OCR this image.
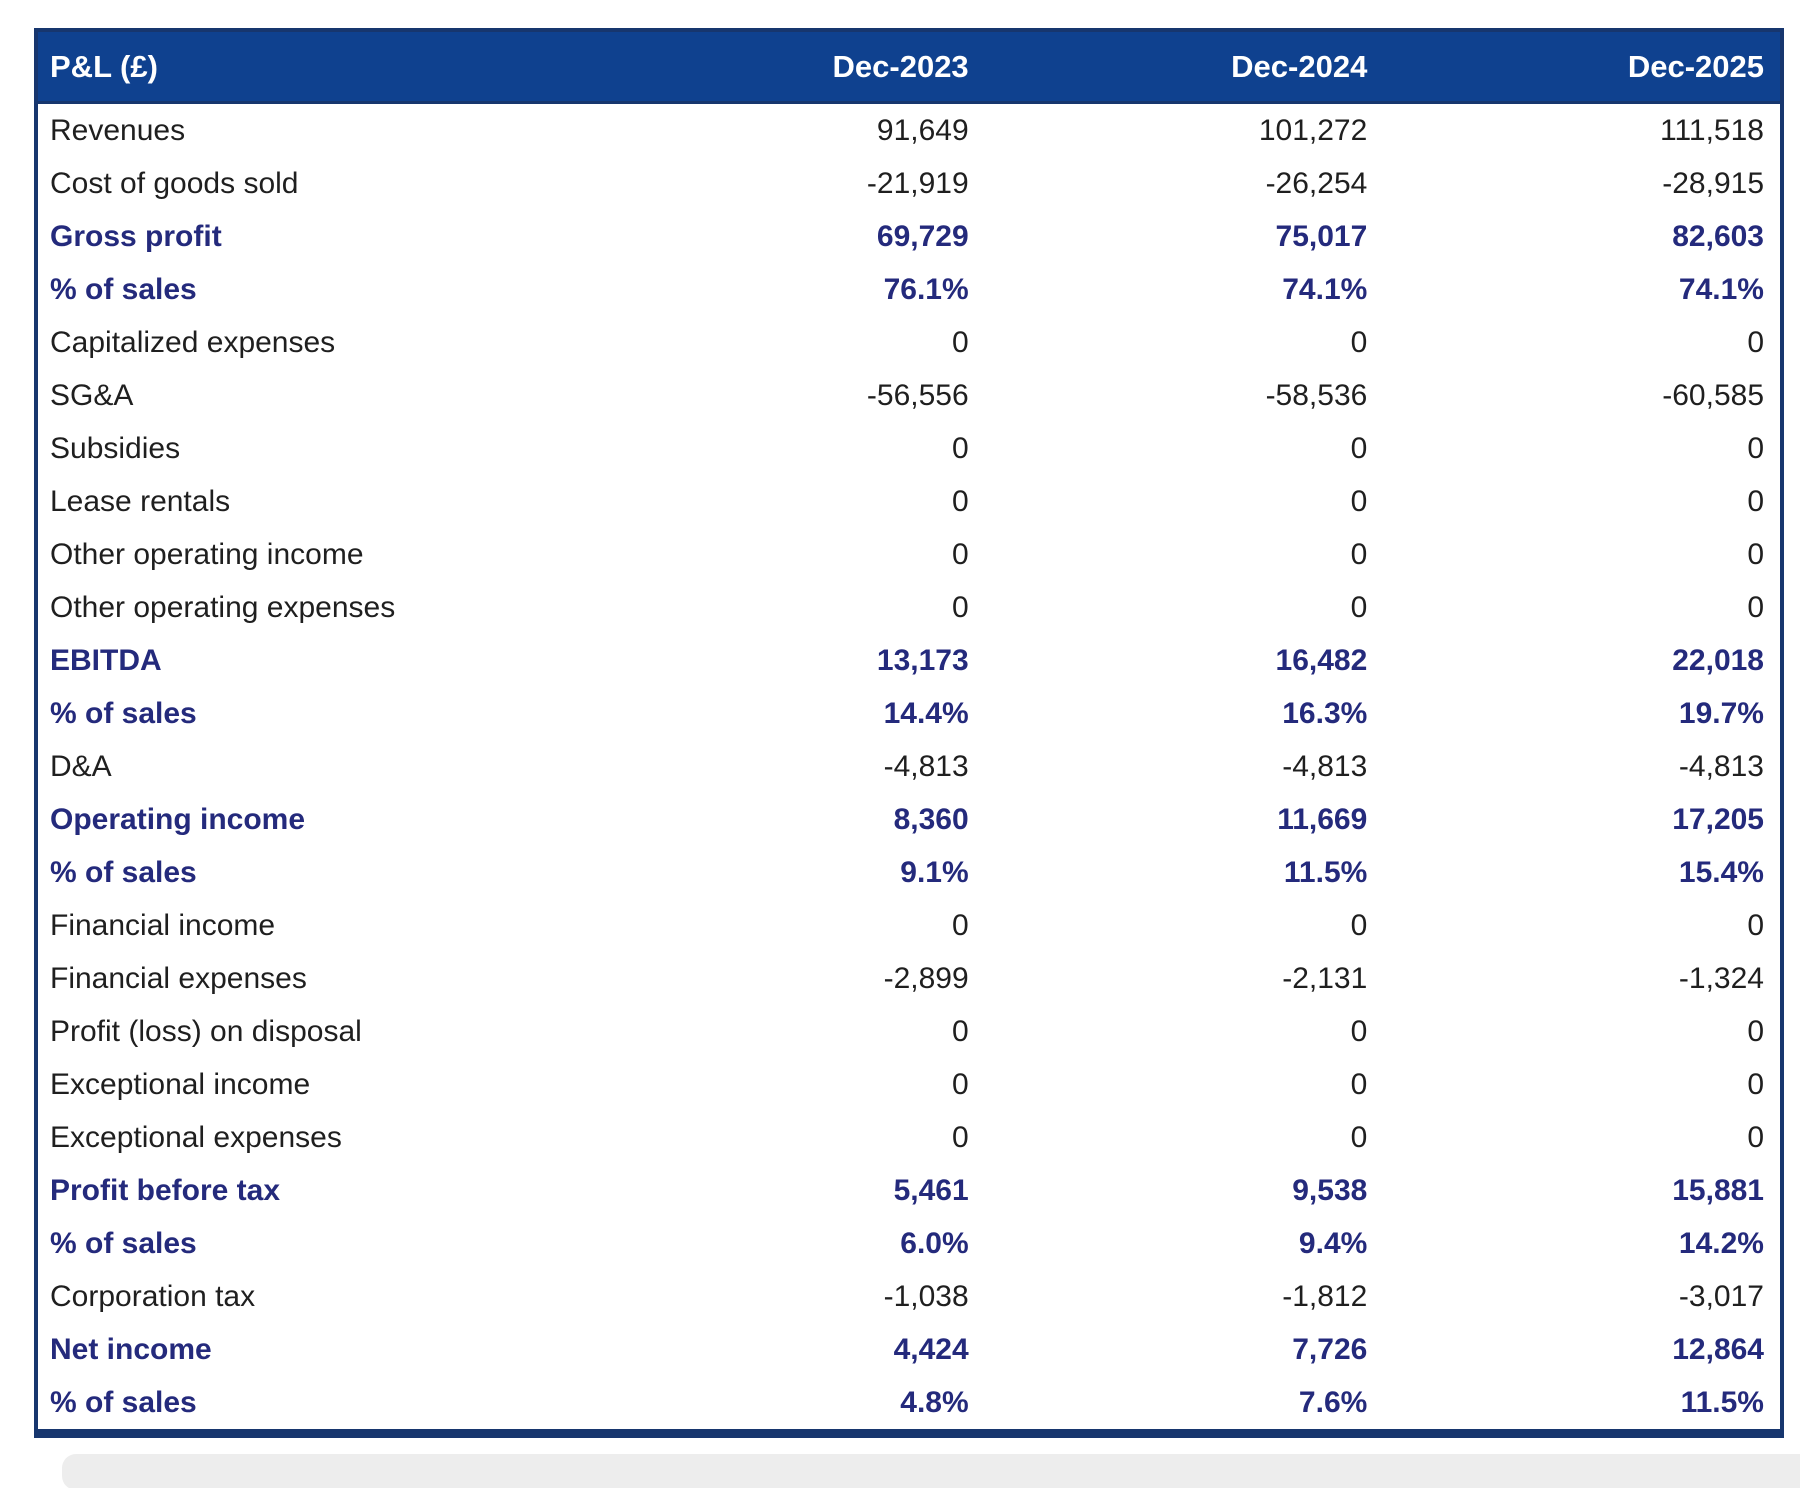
P&L (£)	Dec-2023	Dec-2024	Dec-2025
Revenues	91,649	101,272	111,518
Cost of goods sold	-21,919	-26,254	-28,915
Gross profit	69,729	75,017	82,603
% of sales	76.1%	74.1%	74.1%
Capitalized expenses	0	0	0
SG&A	-56,556	-58,536	-60,585
Subsidies	0	0	0
Lease rentals	0	0	0
Other operating income	0	0	0
Other operating expenses	0	0	0
EBITDA	13,173	16,482	22,018
% of sales	14.4%	16.3%	19.7%
D&A	-4,813	-4,813	-4,813
Operating income	8,360	11,669	17,205
% of sales	9.1%	11.5%	15.4%
Financial income	0	0	0
Financial expenses	-2,899	-2,131	-1,324
Profit (loss) on disposal	0	0	0
Exceptional income	0	0	0
Exceptional expenses	0	0	0
Profit before tax	5,461	9,538	15,881
% of sales	6.0%	9.4%	14.2%
Corporation tax	-1,038	-1,812	-3,017
Net income	4,424	7,726	12,864
% of sales	4.8%	7.6%	11.5%
